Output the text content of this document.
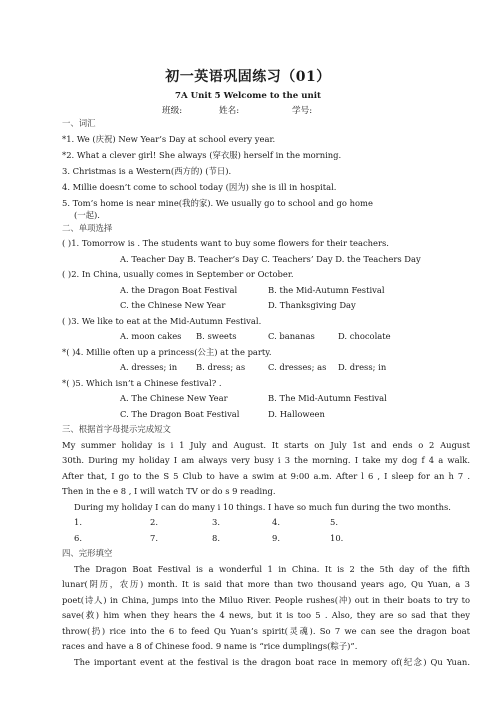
初一英语巩固练习（01）
7A Unit 5 Welcome to the unit
班级:	姓名:	学号:
一、词汇
*1. We (庆祝) New Year’s Day at school every year.
*2. What a clever girl! She always (穿衣服) herself in the morning.
3. Christmas is a Western(西方的) (节日).
4. Millie doesn’t come to school today (因为) she is ill in hospital.
5. Tom’s home is near mine(我的家). We usually go to school and go home
(一起).
二、单项选择
( )1. Tomorrow is . The students want to buy some flowers for their teachers.
A. Teacher Day B. Teacher’s Day C. Teachers’ Day D. the Teachers Day
( )2. In China, usually comes in September or October.
A. the Dragon Boat Festival	B. the Mid-Autumn Festival
C. the Chinese New Year	D. Thanksgiving Day
( )3. We like to eat at the Mid-Autumn Festival.
A. moon cakes B. sweets	C. bananas	D. chocolate
*( )4. Millie often up a princess(公主) at the party.
A. dresses; in B. dress; as	C. dresses; as D. dress; in
*( )5. Which isn’t a Chinese festival? .
A. The Chinese New Year	B. The Mid-Autumn Festival
C. The Dragon Boat Festival	D. Halloween
三、根据首字母提示完成短文
My summer holiday is i 1 July and August. It starts on July 1st and ends o 2 August
30th. During my holiday I am always very busy i 3 the morning. I take my dog f 4 a walk.
After that, I go to the S 5 Club to have a swim at 9:00 a.m. After l 6 , I sleep for an h 7 .
Then in the e 8 , I will watch TV or do s 9 reading.
During my holiday I can do many i 10 things. I have so much fun during the two months.
1.	2.	3.	4.	5.
6.	7.	8.	9.	10.
四、完形填空
The Dragon Boat Festival is a wonderful 1 in China. It is 2 the 5th day of the fifth
lunar(阴历，农历) month. It is said that more than two thousand years ago, Qu Yuan, a 3
poet(诗人) in China, jumps into the Miluo River. People rushes(冲) out in their boats to try to
save(救) him when they hears the 4 news, but it is too 5 . Also, they are so sad that they
throw(扔) rice into the 6 to feed Qu Yuan’s spirit(灵魂). So 7 we can see the dragon boat
races and have a 8 of Chinese food. 9 name is “rice dumplings(粽子)”.
The important event at the festival is the dragon boat race in memory of(纪念) Qu Yuan.
